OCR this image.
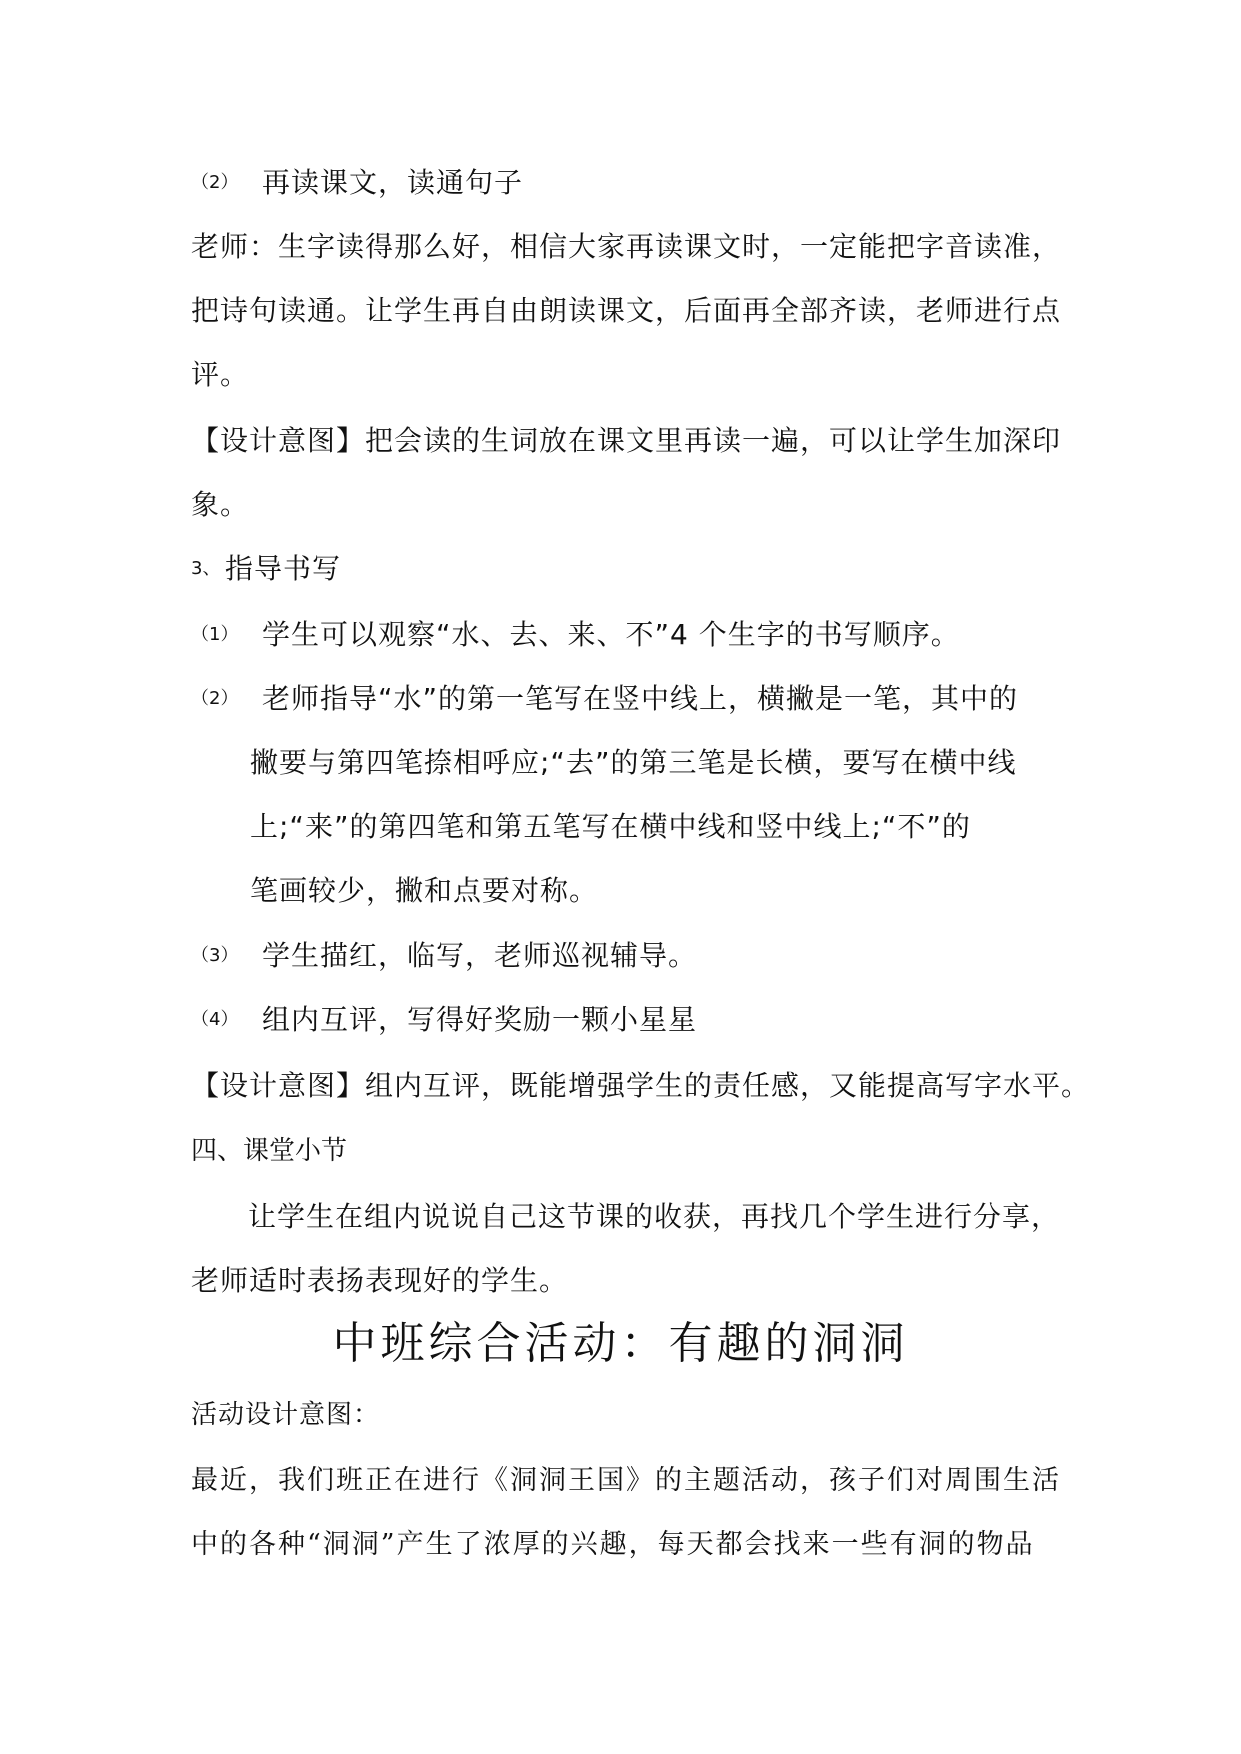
（2） 再读课文，读通句子
老师：生字读得那么好，相信大家再读课文时，一定能把字音读准，
把诗句读通。让学生再自由朗读课文，后面再全部齐读，老师进行点
评。
【设计意图】把会读的生词放在课文里再读一遍，可以让学生加深印
象。
3、 指导书写
（1） 学生可以观察“水、去、来、不”4 个生字的书写顺序。
（2） 老师指导“水”的第一笔写在竖中线上，横撇是一笔，其中的
撇要与第四笔捺相呼应;“去”的第三笔是长横，要写在横中线
上;“来”的第四笔和第五笔写在横中线和竖中线上;“不”的
笔画较少，撇和点要对称。
（3） 学生描红，临写，老师巡视辅导。
（4） 组内互评，写得好奖励一颗小星星
【设计意图】组内互评，既能增强学生的责任感，又能提高写字水平。
四、课堂小节
让学生在组内说说自己这节课的收获，再找几个学生进行分享，
老师适时表扬表现好的学生。
中班综合活动：有趣的洞洞
活动设计意图：
最近，我们班正在进行《洞洞王国》的主题活动，孩子们对周围生活
中的各种“洞洞”产生了浓厚的兴趣，每天都会找来一些有洞的物品
